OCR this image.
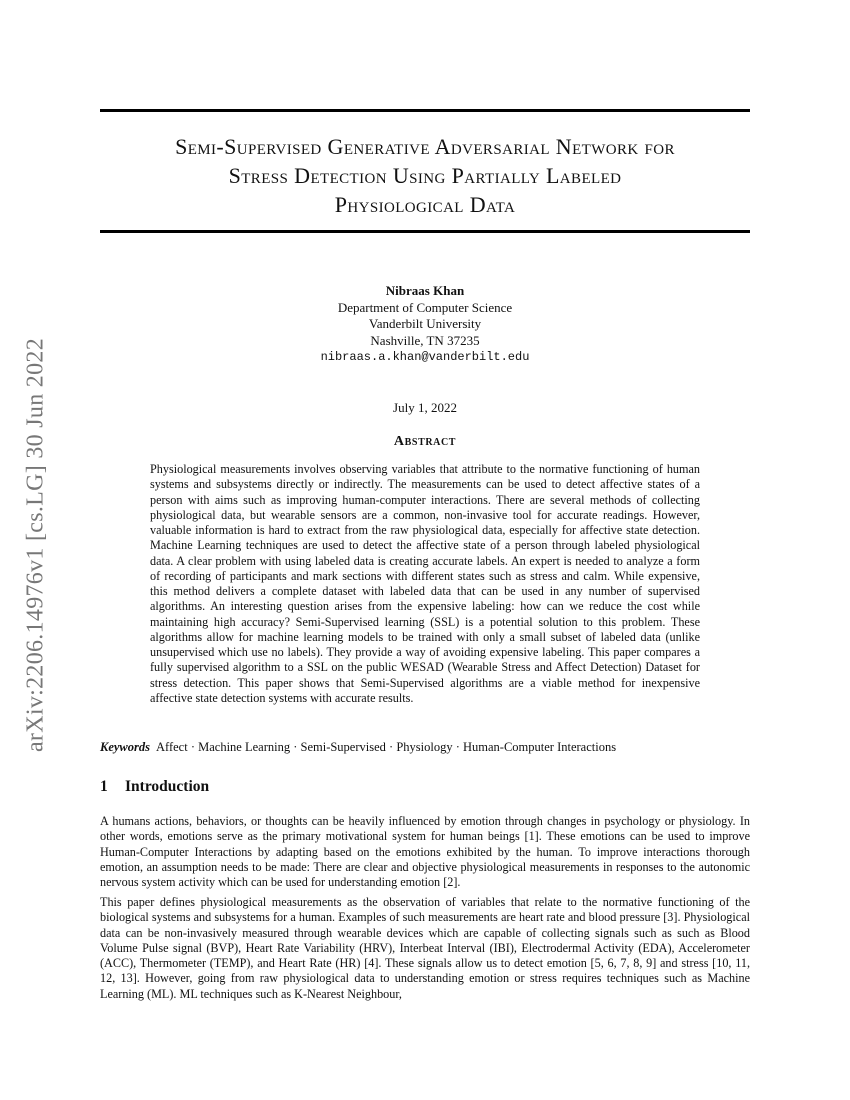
arXiv:2206.14976v1 [cs.LG] 30 Jun 2022
Semi-Supervised Generative Adversarial Network for
Stress Detection Using Partially Labeled
Physiological Data
Nibraas Khan
Department of Computer Science
Vanderbilt University
Nashville, TN 37235
nibraas.a.khan@vanderbilt.edu
July 1, 2022
Abstract
Physiological measurements involves observing variables that attribute to the normative functioning of human systems and subsystems directly or indirectly. The measurements can be used to detect affective states of a person with aims such as improving human-computer interactions. There are several methods of collecting physiological data, but wearable sensors are a common, non-invasive tool for accurate readings. However, valuable information is hard to extract from the raw physiological data, especially for affective state detection. Machine Learning techniques are used to detect the affective state of a person through labeled physiological data. A clear problem with using labeled data is creating accurate labels. An expert is needed to analyze a form of recording of participants and mark sections with different states such as stress and calm. While expensive, this method delivers a complete dataset with labeled data that can be used in any number of supervised algorithms. An interesting question arises from the expensive labeling: how can we reduce the cost while maintaining high accuracy? Semi-Supervised learning (SSL) is a potential solution to this problem. These algorithms allow for machine learning models to be trained with only a small subset of labeled data (unlike unsupervised which use no labels). They provide a way of avoiding expensive labeling. This paper compares a fully supervised algorithm to a SSL on the public WESAD (Wearable Stress and Affect Detection) Dataset for stress detection. This paper shows that Semi-Supervised algorithms are a viable method for inexpensive affective state detection systems with accurate results.
Keywords Affect · Machine Learning · Semi-Supervised · Physiology · Human-Computer Interactions
1 Introduction

A humans actions, behaviors, or thoughts can be heavily influenced by emotion through changes in psychology or physiology. In other words, emotions serve as the primary motivational system for human beings [1]. These emotions can be used to improve Human-Computer Interactions by adapting based on the emotions exhibited by the human. To improve interactions thorough emotion, an assumption needs to be made: There are clear and objective physiological measurements in responses to the autonomic nervous system activity which can be used for understanding emotion [2].

This paper defines physiological measurements as the observation of variables that relate to the normative functioning of the biological systems and subsystems for a human. Examples of such measurements are heart rate and blood pressure [3]. Physiological data can be non-invasively measured through wearable devices which are capable of collecting signals such as such as Blood Volume Pulse signal (BVP), Heart Rate Variability (HRV), Interbeat Interval (IBI), Electrodermal Activity (EDA), Accelerometer (ACC), Thermometer (TEMP), and Heart Rate (HR) [4]. These signals allow us to detect emotion [5, 6, 7, 8, 9] and stress [10, 11, 12, 13]. However, going from raw physiological data to understanding emotion or stress requires techniques such as Machine Learning (ML). ML techniques such as K-Nearest Neighbour,
